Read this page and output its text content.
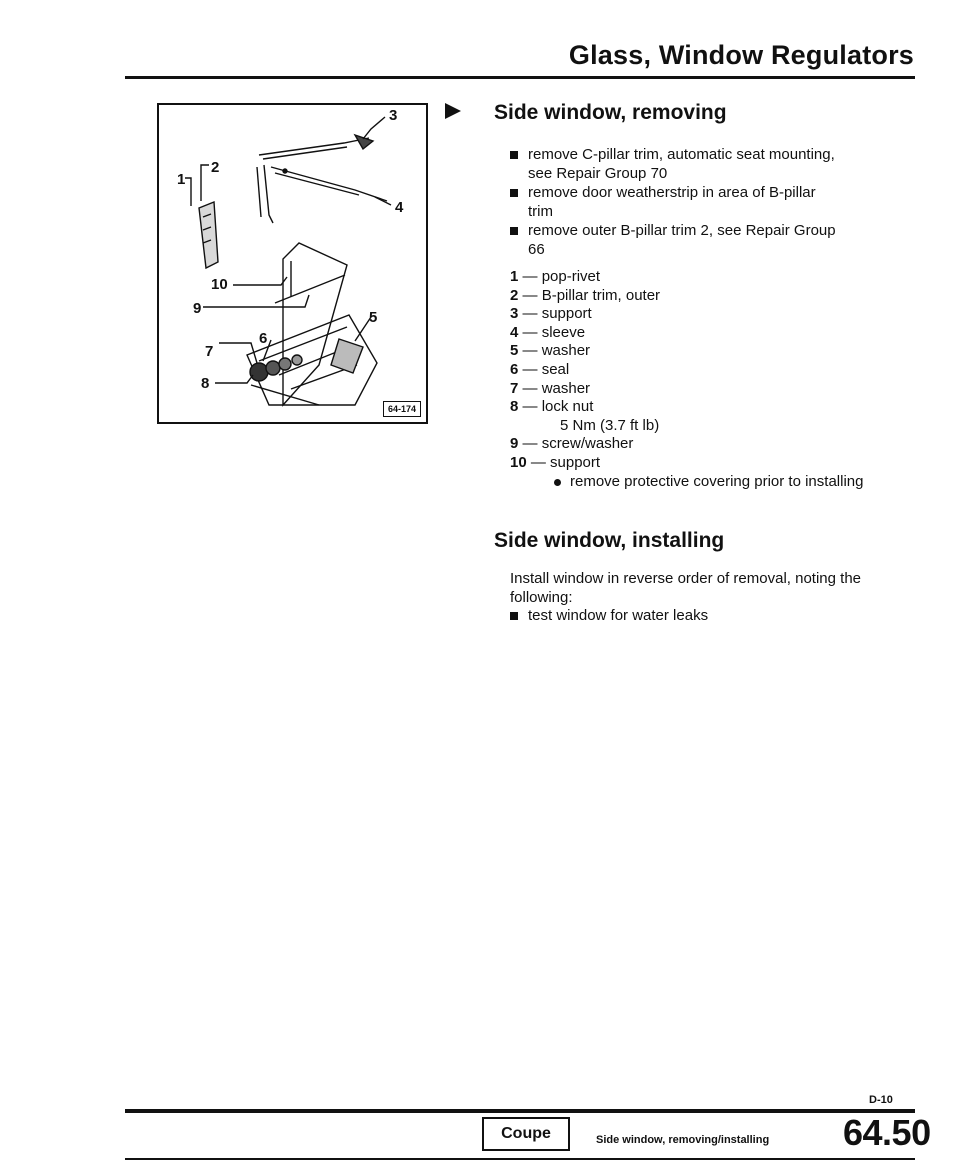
Glass, Window Regulators
1
2
3
4
10
9
6
5
7
8
64-174
Side window, removing
remove C-pillar trim, automatic seat mounting, see Repair Group 70
remove door weatherstrip in area of B-pillar trim
remove outer B-pillar trim 2, see Repair Group 66
1 — pop-rivet
2 — B-pillar trim, outer
3 — support
4 — sleeve
5 — washer
6 — seal
7 — washer
8 — lock nut
5 Nm (3.7 ft lb)
9 — screw/washer
10 — support
remove protective covering prior to installing
Side window, installing
Install window in reverse order of removal, noting the following:
test window for water leaks
D-10
Coupe	Side window, removing/installing 64.50
